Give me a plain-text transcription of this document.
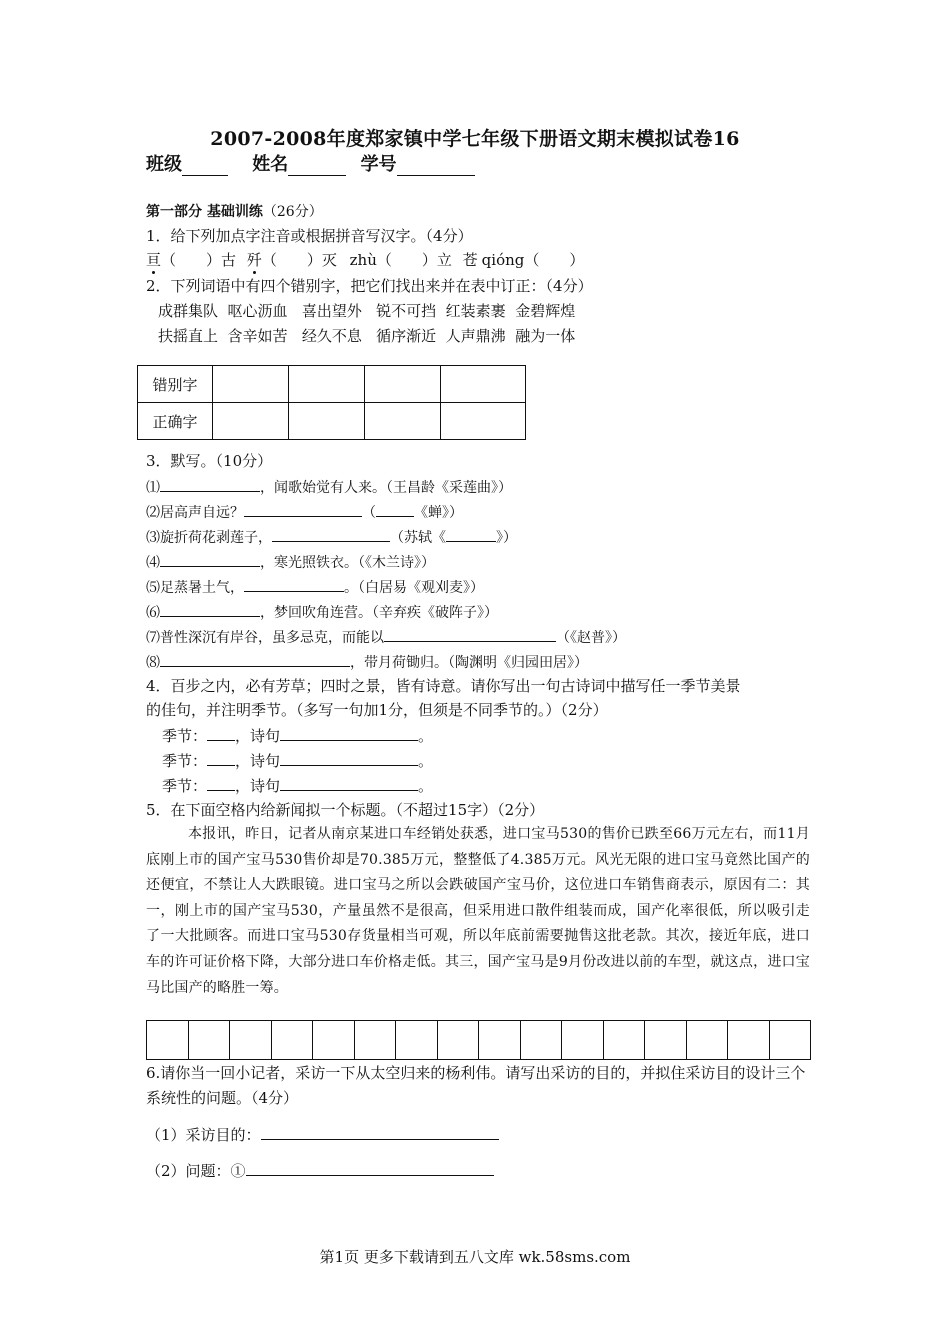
2007-2008年度郑家镇中学七年级下册语文期末模拟试卷16
班级	姓名	学号
第一部分 基础训练（26分）
1．给下列加点字注音或根据拼音写汉字。（4分）
亘（　　）古 歼（　　）灭 zhù（　　）立 苍 qióng（　　）
2．下列词语中有四个错别字，把它们找出来并在表中订正：（4分）
成群集队  呕心沥血   喜出望外   锐不可挡  红装素裹  金碧辉煌
扶摇直上  含辛如苦   经久不息   循序渐近  人声鼎沸  融为一体
错别字				
正确字				
3．默写。（10分）
⑴	，闻歌始觉有人来。（王昌龄《采莲曲》）
⑵居高声自远？	（	《蝉》）
⑶旋折荷花剥莲子，	（苏轼《	》）
⑷	，寒光照铁衣。（《木兰诗》）
⑸足蒸暑土气，	。（白居易《观刈麦》）
⑹	，梦回吹角连营。（辛弃疾《破阵子》）
⑺普性深沉有岸谷，虽多忌克，而能以	（《赵普》）
⑻	，带月荷锄归。（陶渊明《归园田居》）
4．百步之内，必有芳草；四时之景，皆有诗意。请你写出一句古诗词中描写任一季节美景
的佳句，并注明季节。（多写一句加1分，但须是不同季节的。）（2分）
季节： ，诗句	。
季节： ，诗句	。
季节： ，诗句	。
5．在下面空格内给新闻拟一个标题。（不超过15字）（2分）
本报讯，昨日，记者从南京某进口车经销处获悉，进口宝马530的售价已跌至66万元左右，而11月底刚上市的国产宝马530售价却是70.385万元，整整低了4.385万元。风光无限的进口宝马竟然比国产的还便宜，不禁让人大跌眼镜。进口宝马之所以会跌破国产宝马价，这位进口车销售商表示，原因有二：其一，刚上市的国产宝马530，产量虽然不是很高，但采用进口散件组装而成，国产化率很低，所以吸引走了一大批顾客。而进口宝马530存货量相当可观，所以年底前需要抛售这批老款。其次，接近年底，进口车的许可证价格下降，大部分进口车价格走低。其三，国产宝马是9月份改进以前的车型，就这点，进口宝马比国产的略胜一筹。
6.请你当一回小记者，采访一下从太空归来的杨利伟。请写出采访的目的，并拟住采访目的设计三个系统性的问题。（4分）
（1）采访目的：
（2）问题：①
第1页 更多下载请到五八文库 wk.58sms.com
